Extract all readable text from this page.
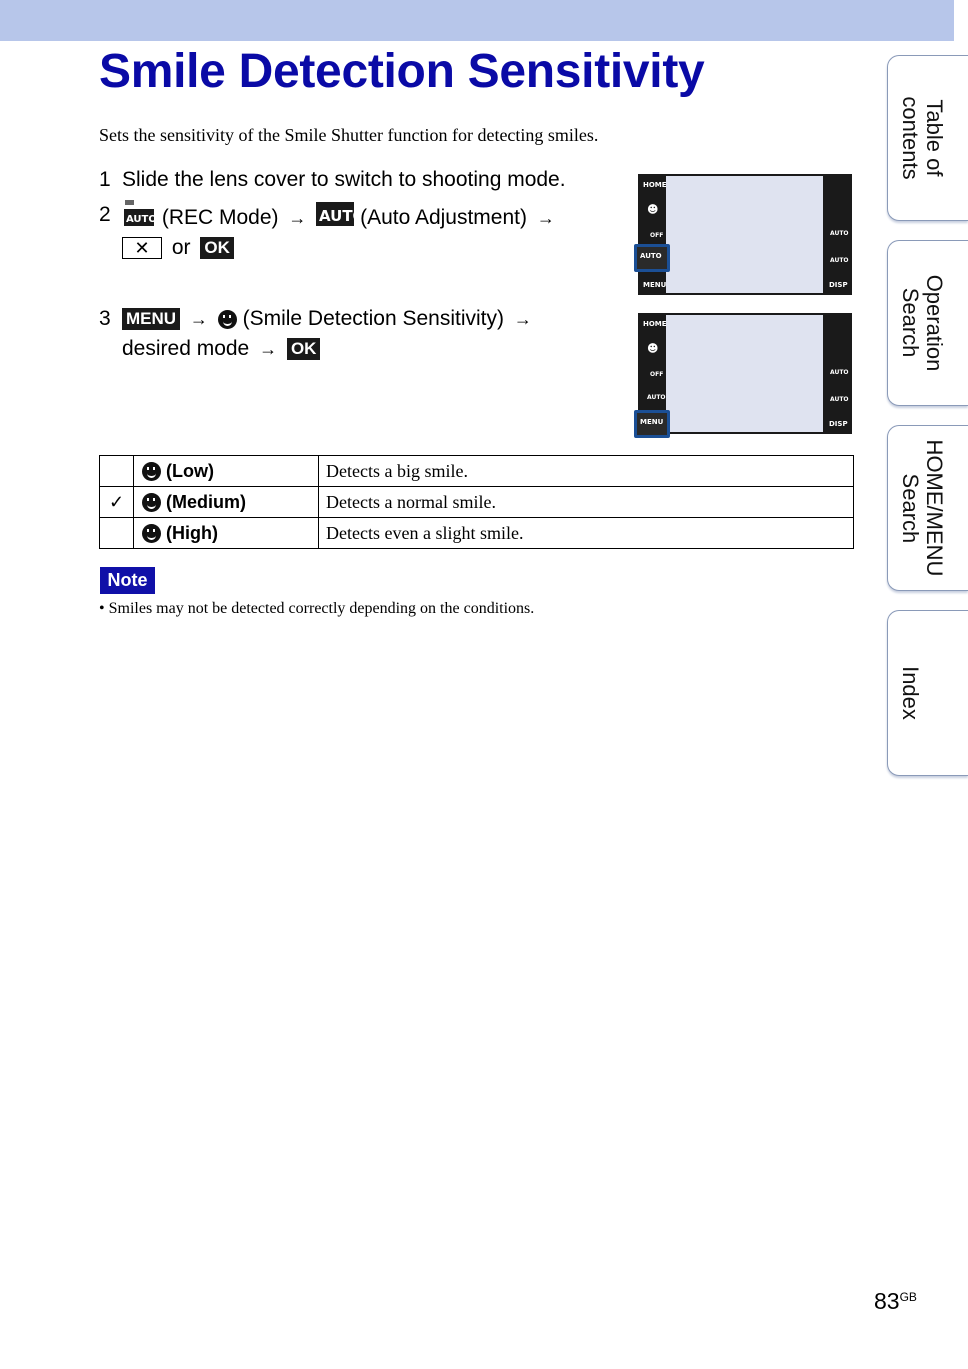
Smile Detection Sensitivity
Sets the sensitivity of the Smile Shutter function for detecting smiles.
1 Slide the lens cover to switch to shooting mode.
2 AUTO (REC Mode) → AUTO
(Auto Adjustment) →
✕ or OK
3 MENU → (Smile Detection Sensitivity) →
desired mode → OK
HOME
☻
OFF
AUTO
MENU
AUTO
AUTO
DISP
HOME
☻
OFF
AUTO
MENU
AUTO
AUTO
DISP
	(Low)	Detects a big smile.
✓	(Medium)	Detects a normal smile.
	(High)	Detects even a slight smile.
Note
• Smiles may not be detected correctly depending on the conditions.
Table of
contents
Operation
Search
HOME/MENU
Search
Index
$83^{GB}$
